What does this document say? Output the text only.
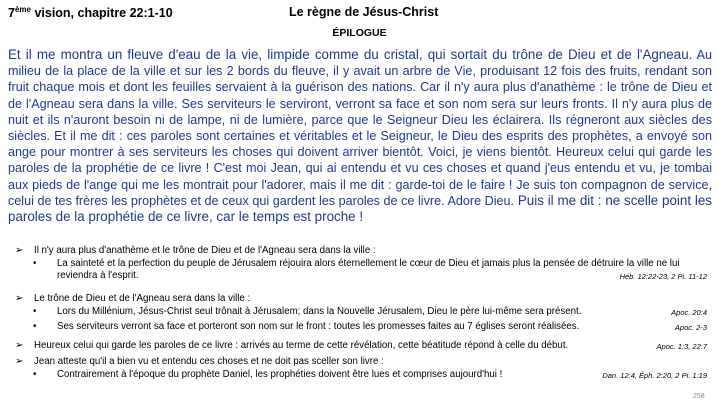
7ème vision, chapitre 22:1-10	Le règne de Jésus-Christ
ÉPILOGUE
Et il me montra un fleuve d'eau de la vie, limpide comme du cristal, qui sortait du trône de Dieu et de l'Agneau. Au milieu de la place de la ville et sur les 2 bords du fleuve, il y avait un arbre de Vie, produisant 12 fois des fruits, rendant son fruit chaque mois et dont les feuilles servaient à la guérison des nations. Car il n'y aura plus d'anathème : le trône de Dieu et de l'Agneau sera dans la ville. Ses serviteurs le serviront, verront sa face et son nom sera sur leurs fronts. Il n'y aura plus de nuit et ils n'auront besoin ni de lampe, ni de lumière, parce que le Seigneur Dieu les éclairera. Ils régneront aux siècles des siècles. Et il me dit : ces paroles sont certaines et véritables et le Seigneur, le Dieu des esprits des prophètes, a envoyé son ange pour montrer à ses serviteurs les choses qui doivent arriver bientôt. Voici, je viens bientôt. Heureux celui qui garde les paroles de la prophétie de ce livre ! C'est moi Jean, qui ai entendu et vu ces choses et quand j'eus entendu et vu, je tombai aux pieds de l'ange qui me les montrait pour l'adorer, mais il me dit : garde-toi de le faire ! Je suis ton compagnon de service, celui de tes frères les prophètes et de ceux qui gardent les paroles de ce livre. Adore Dieu. Puis il me dit : ne scelle point les paroles de la prophétie de ce livre, car le temps est proche !
➢ Il n'y aura plus d'anathème et le trône de Dieu et de l'Agneau sera dans la ville :
• La sainteté et la perfection du peuple de Jérusalem réjouira alors éternellement le cœur de Dieu et jamais plus la pensée de détruire la ville ne lui reviendra à l'esprit.	Héb. 12:22-23, 2 Pi. 11-12
➢ Le trône de Dieu et de l'Agneau sera dans la ville :
• Lors du Millénium, Jésus-Christ seul trônait à Jérusalem; dans la Nouvelle Jérusalem, Dieu le père lui-même sera présent.	Apoc. 20:4
• Ses serviteurs verront sa face et porteront son nom sur le front : toutes les promesses faites au 7 églises seront réalisées.	Apoc. 2-3
➢ Heureux celui qui garde les paroles de ce livre : arrivés au terme de cette révélation, cette béatitude répond à celle du début.	Apoc. 1:3, 22:7
➢ Jean atteste qu'il a bien vu et entendu ces choses et ne doit pas sceller son livre :
• Contrairement à l'époque du prophète Daniel, les prophéties doivent être lues et comprises aujourd'hui !	Dan. 12:4, Éph. 2:20, 2 Pi. 1:19
258
